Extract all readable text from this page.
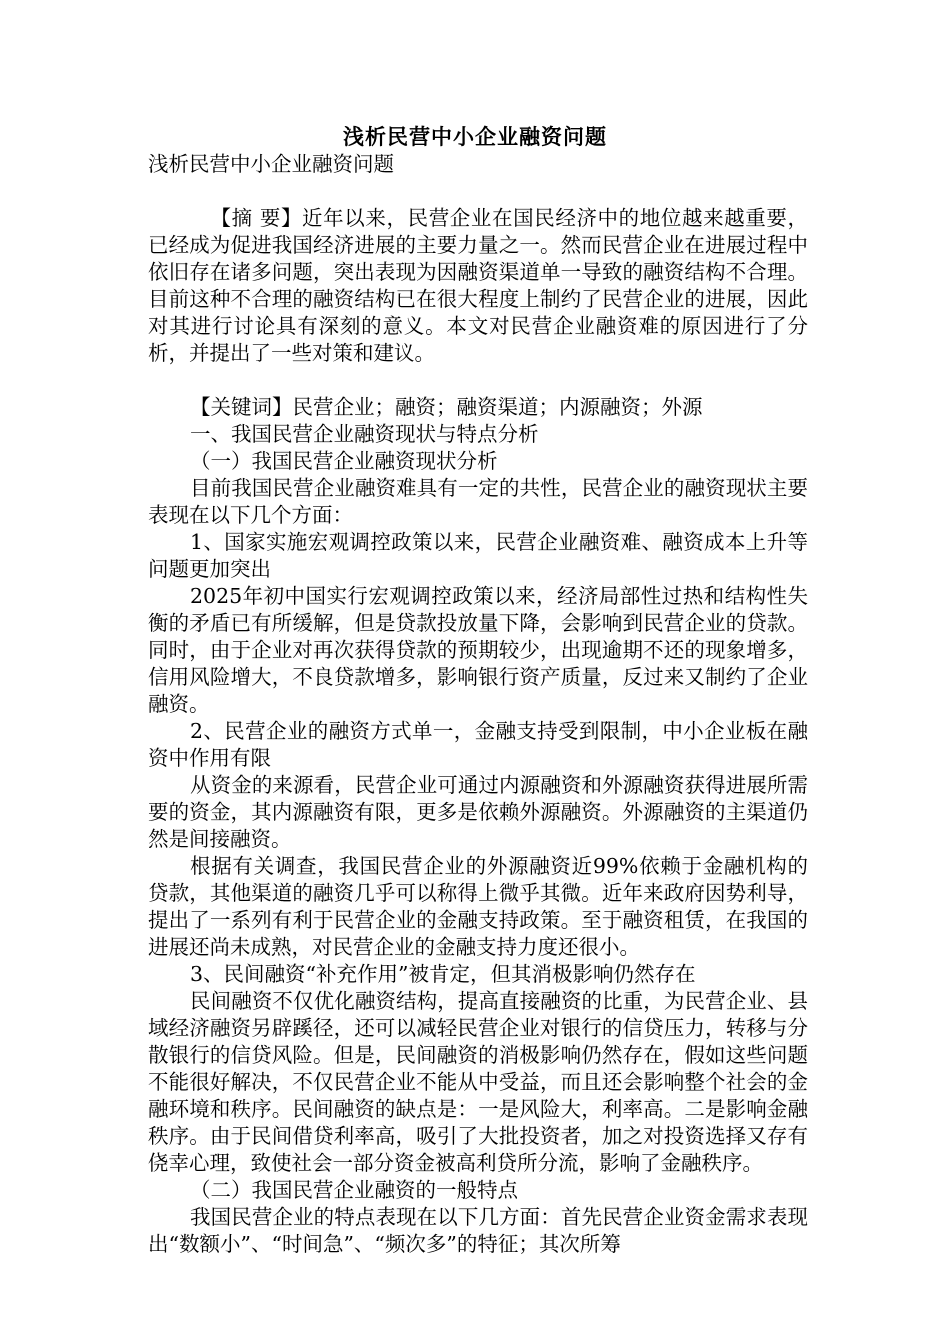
浅析民营中小企业融资问题

浅析民营中小企业融资问题

【摘 要】近年以来，民营企业在国民经济中的地位越来越重要，已经成为促进我国经济进展的主要力量之一。然而民营企业在进展过程中依旧存在诸多问题，突出表现为因融资渠道单一导致的融资结构不合理。目前这种不合理的融资结构已在很大程度上制约了民营企业的进展，因此对其进行讨论具有深刻的意义。本文对民营企业融资难的原因进行了分析，并提出了一些对策和建议。

【关键词】民营企业；融资；融资渠道；内源融资；外源

一、我国民营企业融资现状与特点分析

（一）我国民营企业融资现状分析

目前我国民营企业融资难具有一定的共性，民营企业的融资现状主要表现在以下几个方面：

1、国家实施宏观调控政策以来，民营企业融资难、融资成本上升等问题更加突出

2025年初中国实行宏观调控政策以来，经济局部性过热和结构性失衡的矛盾已有所缓解，但是贷款投放量下降，会影响到民营企业的贷款。同时，由于企业对再次获得贷款的预期较少，出现逾期不还的现象增多，信用风险增大，不良贷款增多，影响银行资产质量，反过来又制约了企业融资。

2、民营企业的融资方式单一，金融支持受到限制，中小企业板在融资中作用有限

从资金的来源看，民营企业可通过内源融资和外源融资获得进展所需要的资金，其内源融资有限，更多是依赖外源融资。外源融资的主渠道仍然是间接融资。

根据有关调查，我国民营企业的外源融资近99%依赖于金融机构的贷款，其他渠道的融资几乎可以称得上微乎其微。近年来政府因势利导，提出了一系列有利于民营企业的金融支持政策。至于融资租赁，在我国的进展还尚未成熟，对民营企业的金融支持力度还很小。

3、民间融资“补充作用”被肯定，但其消极影响仍然存在

民间融资不仅优化融资结构，提高直接融资的比重，为民营企业、县域经济融资另辟蹊径，还可以减轻民营企业对银行的信贷压力，转移与分散银行的信贷风险。但是，民间融资的消极影响仍然存在，假如这些问题不能很好解决，不仅民营企业不能从中受益，而且还会影响整个社会的金融环境和秩序。民间融资的缺点是：一是风险大，利率高。二是影响金融秩序。由于民间借贷利率高，吸引了大批投资者，加之对投资选择又存有侥幸心理，致使社会一部分资金被高利贷所分流，影响了金融秩序。

（二）我国民营企业融资的一般特点

我国民营企业的特点表现在以下几方面：首先民营企业资金需求表现出“数额小”、“时间急”、“频次多”的特征；其次所筹
